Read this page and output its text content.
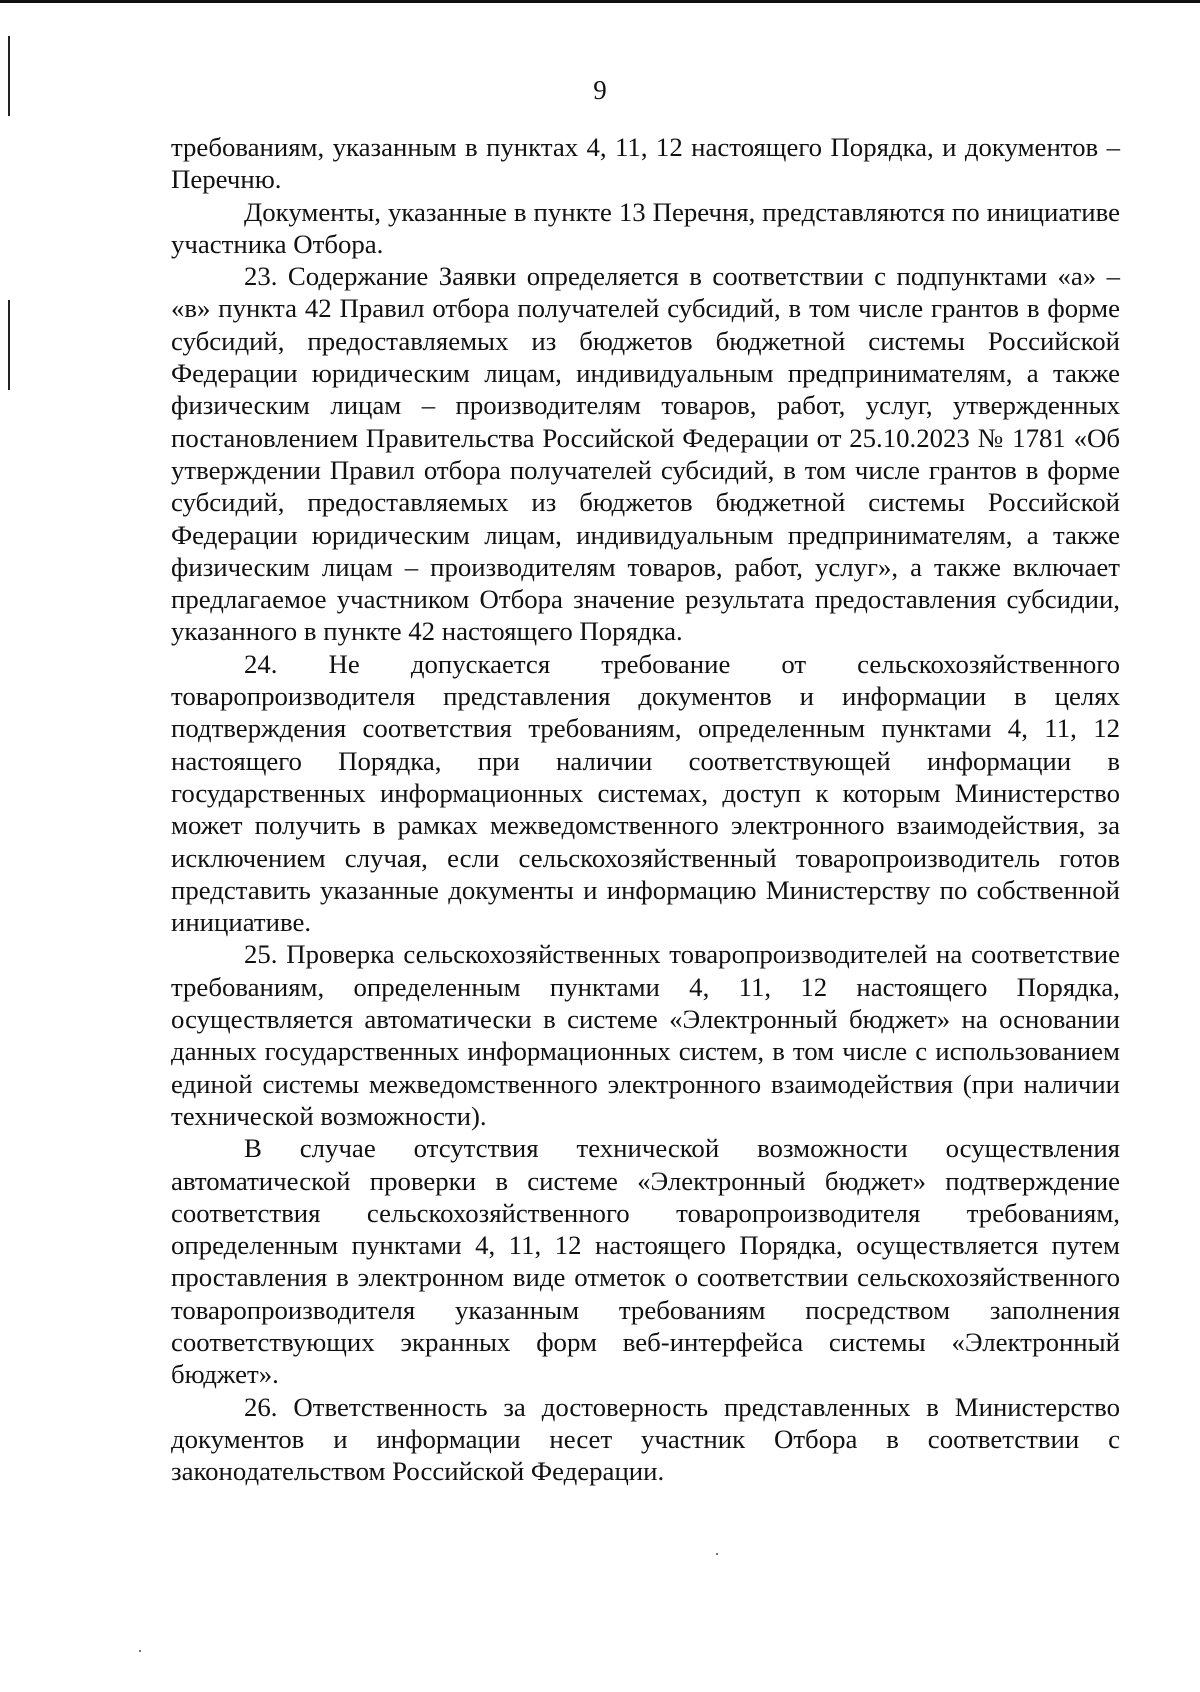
9

требованиям, указанным в пунктах 4, 11, 12 настоящего Порядка, и документов – Перечню.

Документы, указанные в пункте 13 Перечня, представляются по инициативе участника Отбора.

23. Содержание Заявки определяется в соответствии с подпунктами «а» – «в» пункта 42 Правил отбора получателей субсидий, в том числе грантов в форме субсидий, предоставляемых из бюджетов бюджетной системы Российской Федерации юридическим лицам, индивидуальным предпринимателям, а также физическим лицам – производителям товаров, работ, услуг, утвержденных постановлением Правительства Российской Федерации от 25.10.2023 № 1781 «Об утверждении Правил отбора получателей субсидий, в том числе грантов в форме субсидий, предоставляемых из бюджетов бюджетной системы Российской Федерации юридическим лицам, индивидуальным предпринимателям, а также физическим лицам – производителям товаров, работ, услуг», а также включает предлагаемое участником Отбора значение результата предоставления субсидии, указанного в пункте 42 настоящего Порядка.

24. Не допускается требование от сельскохозяйственного товаропроизводителя представления документов и информации в целях подтверждения соответствия требованиям, определенным пунктами 4, 11, 12 настоящего Порядка, при наличии соответствующей информации в государственных информационных системах, доступ к которым Министерство может получить в рамках межведомственного электронного взаимодействия, за исключением случая, если сельскохозяйственный товаропроизводитель готов представить указанные документы и информацию Министерству по собственной инициативе.

25. Проверка сельскохозяйственных товаропроизводителей на соответствие требованиям, определенным пунктами 4, 11, 12 настоящего Порядка, осуществляется автоматически в системе «Электронный бюджет» на основании данных государственных информационных систем, в том числе с использованием единой системы межведомственного электронного взаимодействия (при наличии технической возможности).

В случае отсутствия технической возможности осуществления автоматической проверки в системе «Электронный бюджет» подтверждение соответствия сельскохозяйственного товаропроизводителя требованиям, определенным пунктами 4, 11, 12 настоящего Порядка, осуществляется путем проставления в электронном виде отметок о соответствии сельскохозяйственного товаропроизводителя указанным требованиям посредством заполнения соответствующих экранных форм веб-интерфейса системы «Электронный бюджет».

26. Ответственность за достоверность представленных в Министерство документов и информации несет участник Отбора в соответствии с законодательством Российской Федерации.
